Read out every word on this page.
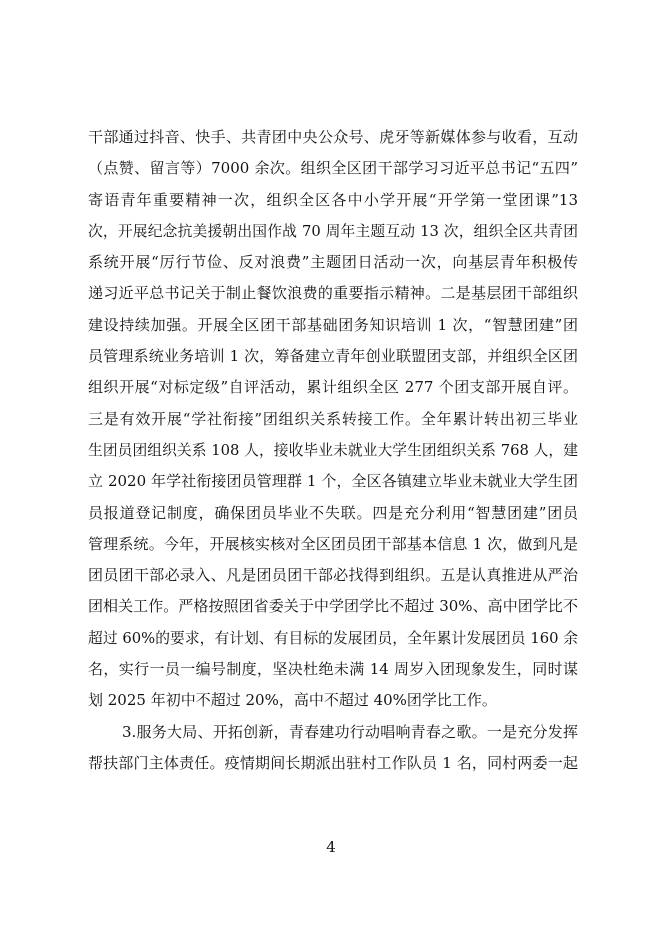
干部通过抖音、快手、共青团中央公众号、虎牙等新媒体参与收看，互动
（点赞、留言等）7000 余次。组织全区团干部学习习近平总书记“五四”
寄语青年重要精神一次，组织全区各中小学开展“开学第一堂团课”13
次，开展纪念抗美援朝出国作战 70 周年主题互动 13 次，组织全区共青团
系统开展“厉行节俭、反对浪费”主题团日活动一次，向基层青年积极传
递习近平总书记关于制止餐饮浪费的重要指示精神。二是基层团干部组织
建设持续加强。开展全区团干部基础团务知识培训 1 次，“智慧团建”团
员管理系统业务培训 1 次，筹备建立青年创业联盟团支部，并组织全区团
组织开展“对标定级”自评活动，累计组织全区 277 个团支部开展自评。
三是有效开展“学社衔接”团组织关系转接工作。全年累计转出初三毕业
生团员团组织关系 108 人，接收毕业未就业大学生团组织关系 768 人，建
立 2020 年学社衔接团员管理群 1 个，全区各镇建立毕业未就业大学生团
员报道登记制度，确保团员毕业不失联。四是充分利用“智慧团建”团员
管理系统。今年，开展核实核对全区团员团干部基本信息 1 次，做到凡是
团员团干部必录入、凡是团员团干部必找得到组织。五是认真推进从严治
团相关工作。严格按照团省委关于中学团学比不超过 30%、高中团学比不
超过 60%的要求，有计划、有目标的发展团员，全年累计发展团员 160 余
名，实行一员一编号制度，坚决杜绝未满 14 周岁入团现象发生，同时谋
划 2025 年初中不超过 20%，高中不超过 40%团学比工作。
3.服务大局、开拓创新，青春建功行动唱响青春之歌。一是充分发挥
帮扶部门主体责任。疫情期间长期派出驻村工作队员 1 名，同村两委一起
4
